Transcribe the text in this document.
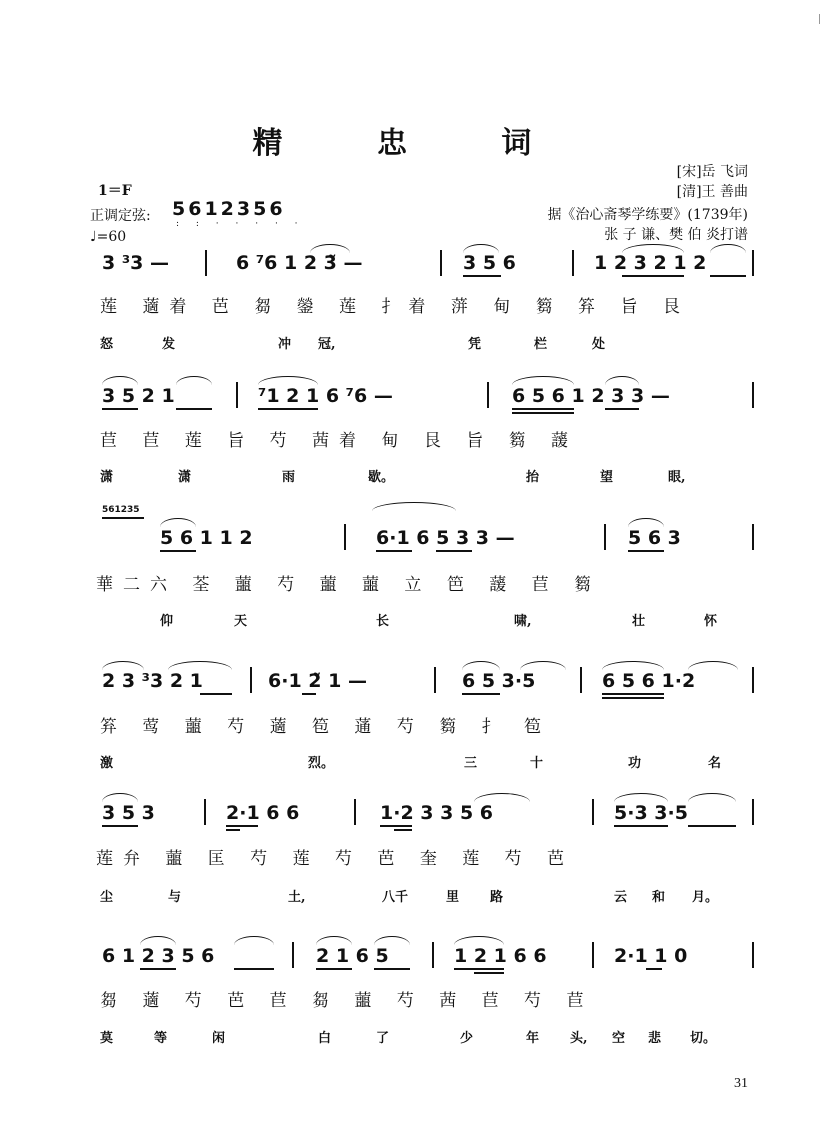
精 忠 词
[宋]岳 飞词
[清]王 善曲
据《治心斋琴学练要》(1739年)
张 子 谦、樊 伯 炎打谱
1＝F
正调定弦: 5612356
: : · · · · ·
♩=60
3 ³3 —	6 ⁷6 1 2 3̃ —	3 5 6	1 2 3 2 1 2
莲 藡着 芭 芻 鎣 莲 扌着 蓱 甸 篘 笲 旨 艮
怒	发	冲 冠,	凭	栏	处
3 5 2 1	⁷1 2 1 6 ⁷6 —	6 5 6 1 2 3 3 —
苣 苣 莲 旨 芍 茜着 甸 艮 旨 篘 蘐
潇	潇	雨	歇。	抬	望	眼,
561235
5 6 1 1 2	6·1 6 5 3 3 —	5 6 3
華二六 荃 蘁 芍 蘁 蘁 立 笆 蘐 苣 篘
仰	天	长	啸,	壮	怀
2 3 ³3 2 1	6·1 2̃ 1 —	6 5 3·5	6 5 6 1·2
笲 莺 蘁 芍 藡 笣 蓪 芍 篘 扌 笣
激	烈。	三	十	功	名
3 5 3	2·1 6 6	1·2 3 3 5 6	5·3 3·5
莲弁 蘁 匡 芍 莲 芍 芭 奎 莲 芍 芭
尘	与	土,	八千	里 路	云 和 月。
6 1 2 3 5 6	2 1 6 5	1 2 1 6 6	2·1 1 0
芻 藡 芍 芭 苣 芻 蘁 芍 茜 苣 芍 苣
莫	等	闲	白	了	少	年 头, 空 悲 切。
31
